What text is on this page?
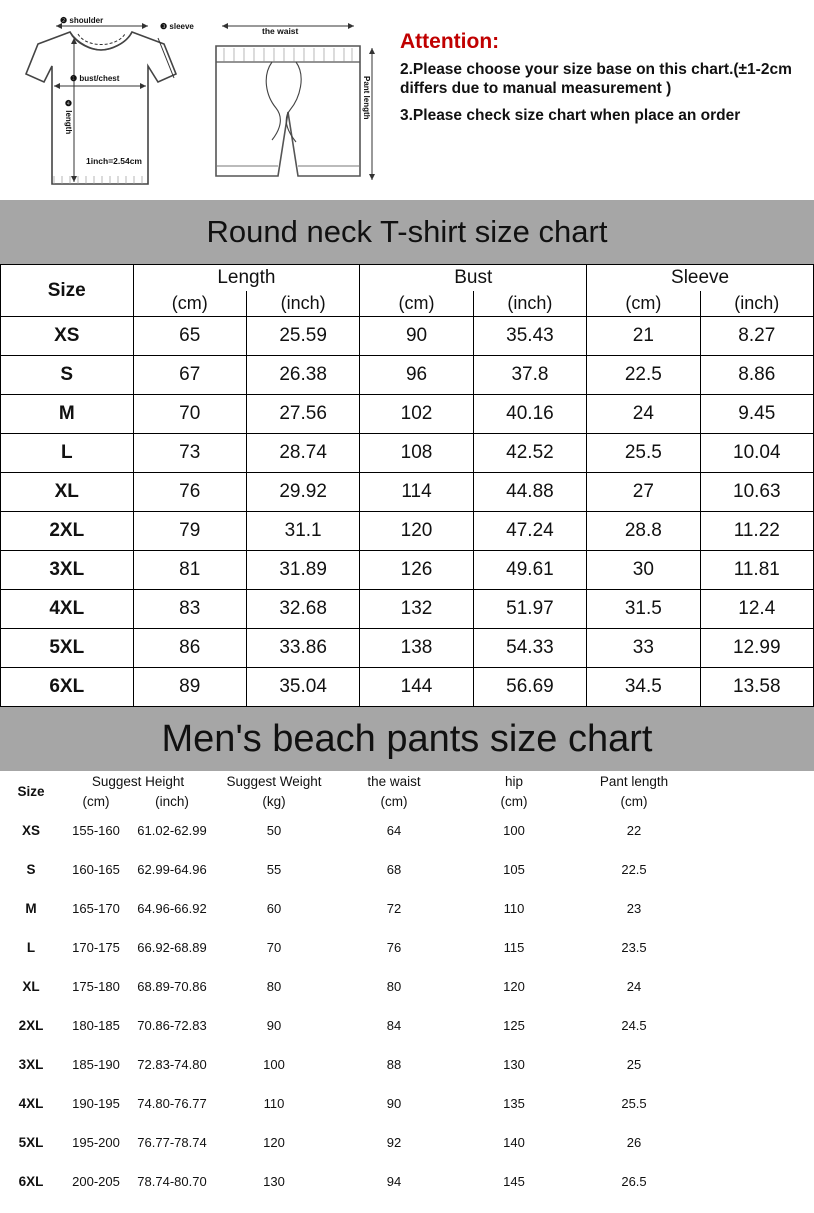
❷ shoulder
❸ sleeve
❶ bust/chest
❹ length
1inch=2.54cm
the waist
Pant length
Attention:
2.Please choose your size base on this chart.(±1-2cm differs due to manual measurement )
3.Please check size chart when place an order
Round neck T-shirt size chart
Size	Length		Bust		Sleeve	
	(cm)	(inch)	(cm)	(inch)	(cm)	(inch)
XS	65	25.59	90	35.43	21	8.27
S	67	26.38	96	37.8	22.5	8.86
M	70	27.56	102	40.16	24	9.45
L	73	28.74	108	42.52	25.5	10.04
XL	76	29.92	114	44.88	27	10.63
2XL	79	31.1	120	47.24	28.8	11.22
3XL	81	31.89	126	49.61	30	11.81
4XL	83	32.68	132	51.97	31.5	12.4
5XL	86	33.86	138	54.33	33	12.99
6XL	89	35.04	144	56.69	34.5	13.58
Men's beach pants size chart
Size	Suggest Height		Suggest Weight	the waist	hip	Pant length	
	(cm)	(inch)	(kg)	(cm)	(cm)	(cm)	
XS	155-160	61.02-62.99	50	64	100	22	
S	160-165	62.99-64.96	55	68	105	22.5	
M	165-170	64.96-66.92	60	72	110	23	
L	170-175	66.92-68.89	70	76	115	23.5	
XL	175-180	68.89-70.86	80	80	120	24	
2XL	180-185	70.86-72.83	90	84	125	24.5	
3XL	185-190	72.83-74.80	100	88	130	25	
4XL	190-195	74.80-76.77	110	90	135	25.5	
5XL	195-200	76.77-78.74	120	92	140	26	
6XL	200-205	78.74-80.70	130	94	145	26.5	
